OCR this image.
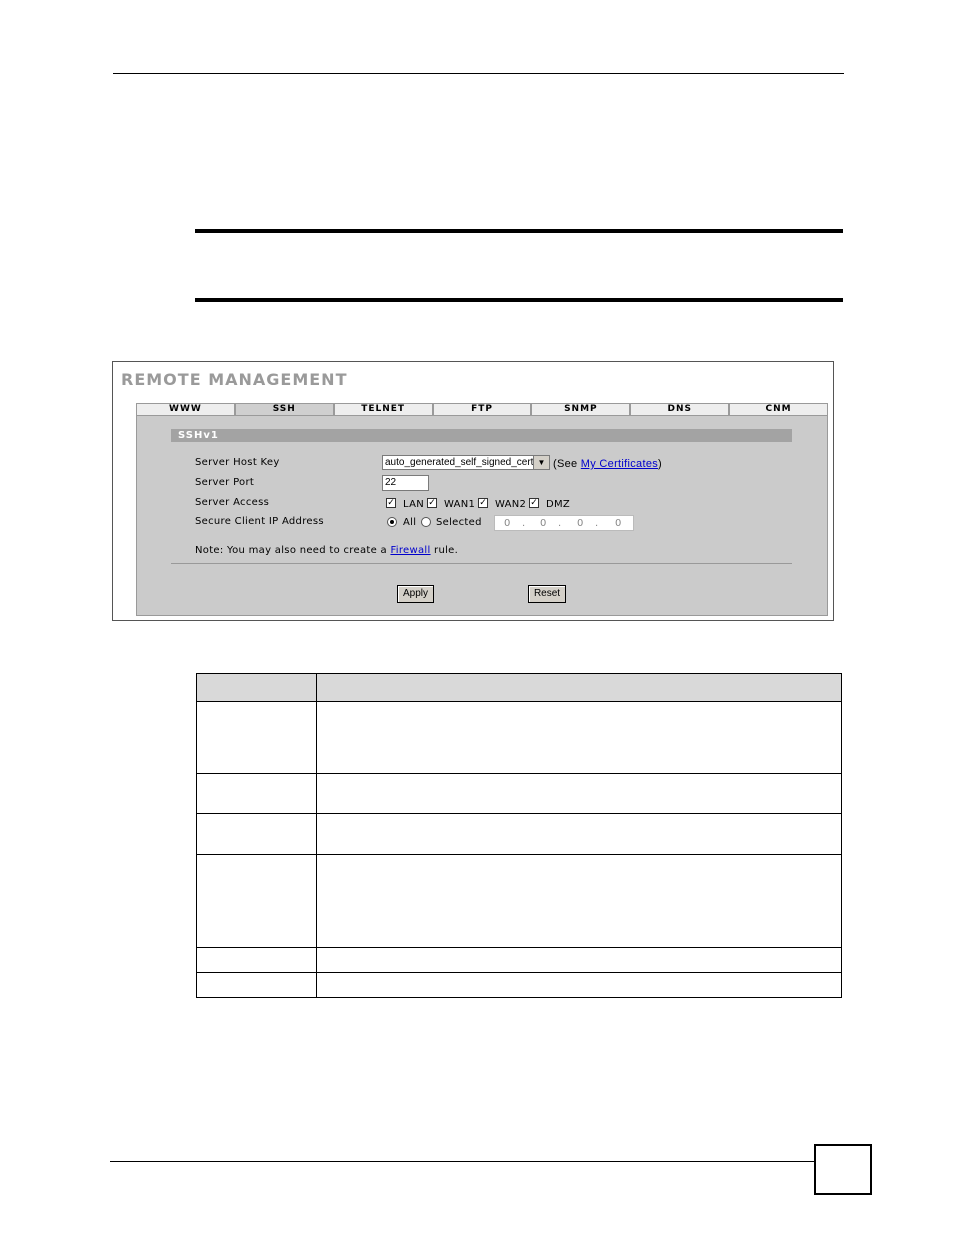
REMOTE MANAGEMENT
WWW	SSH	TELNET	FTP	SNMP	DNS	CNM
SSHv1
Server Host Key	auto_generated_self_signed_cert ▼ (See My Certificates)
Server Port	22
Server Access	✓ LAN ✓ WAN1 ✓ WAN2 ✓ DMZ
Secure Client IP Address	All Selected 0 . 0 . 0 . 0
Note: You may also need to create a Firewall rule.
Apply	Reset
